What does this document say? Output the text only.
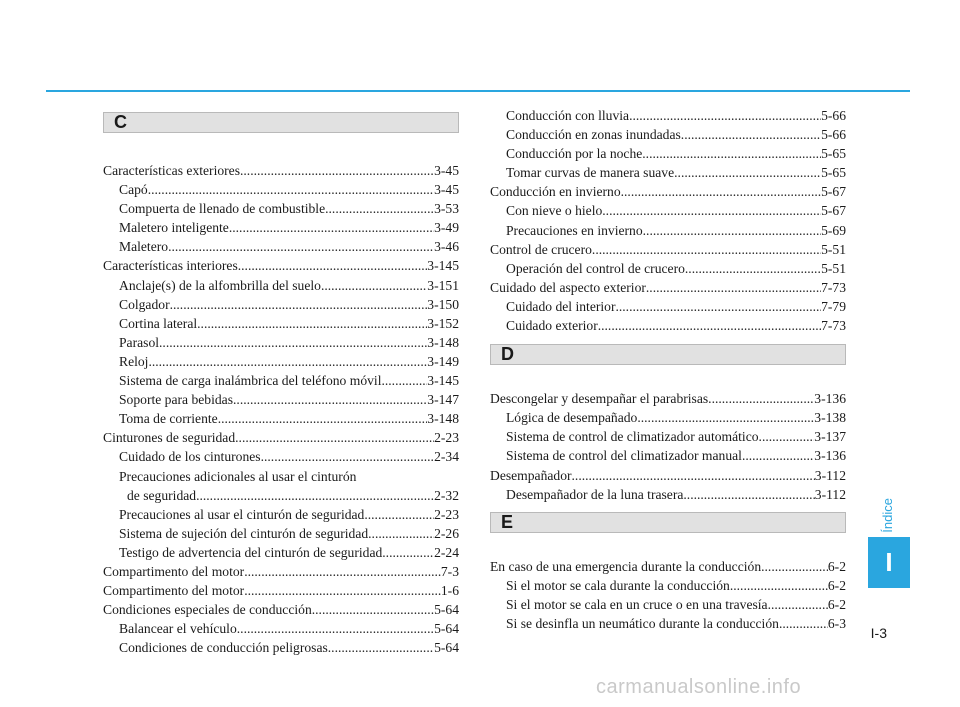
C
Características exteriores .....	3-45
Capó .....	3-45
Compuerta de llenado de combustible .....	3-53
Maletero inteligente .....	3-49
Maletero .....	3-46
Características interiores .....	3-145
Anclaje(s) de la alfombrilla del suelo .....	3-151
Colgador .....	3-150
Cortina lateral .....	3-152
Parasol .....	3-148
Reloj .....	3-149
Sistema de carga inalámbrica del teléfono móvil .....	3-145
Soporte para bebidas .....	3-147
Toma de corriente .....	3-148
Cinturones de seguridad .....	2-23
Cuidado de los cinturones .....	2-34
Precauciones adicionales al usar el cinturón
de seguridad .....	2-32
Precauciones al usar el cinturón de seguridad .....	2-23
Sistema de sujeción del cinturón de seguridad .....	2-26
Testigo de advertencia del cinturón de seguridad .....	2-24
Compartimento del motor .....	7-3
Compartimento del motor .....	1-6
Condiciones especiales de conducción .....	5-64
Balancear el vehículo .....	5-64
Condiciones de conducción peligrosas .....	5-64
Conducción con lluvia .....	5-66
Conducción en zonas inundadas .....	5-66
Conducción por la noche .....	5-65
Tomar curvas de manera suave .....	5-65
Conducción en invierno .....	5-67
Con nieve o hielo .....	5-67
Precauciones en invierno .....	5-69
Control de crucero .....	5-51
Operación del control de crucero .....	5-51
Cuidado del aspecto exterior .....	7-73
Cuidado del interior .....	7-79
Cuidado exterior .....	7-73
D
Descongelar y desempañar el parabrisas .....	3-136
Lógica de desempañado .....	3-138
Sistema de control de climatizador automático .....	3-137
Sistema de control del climatizador manual .....	3-136
Desempañador .....	3-112
Desempañador de la luna trasera .....	3-112
E
En caso de una emergencia durante la conducción .....	6-2
Si el motor se cala durante la conducción .....	6-2
Si el motor se cala en un cruce o en una travesía .....	6-2
Si se desinfla un neumático durante la conducción .....	6-3
Índice
I
I-3
carmanualsonline.info
